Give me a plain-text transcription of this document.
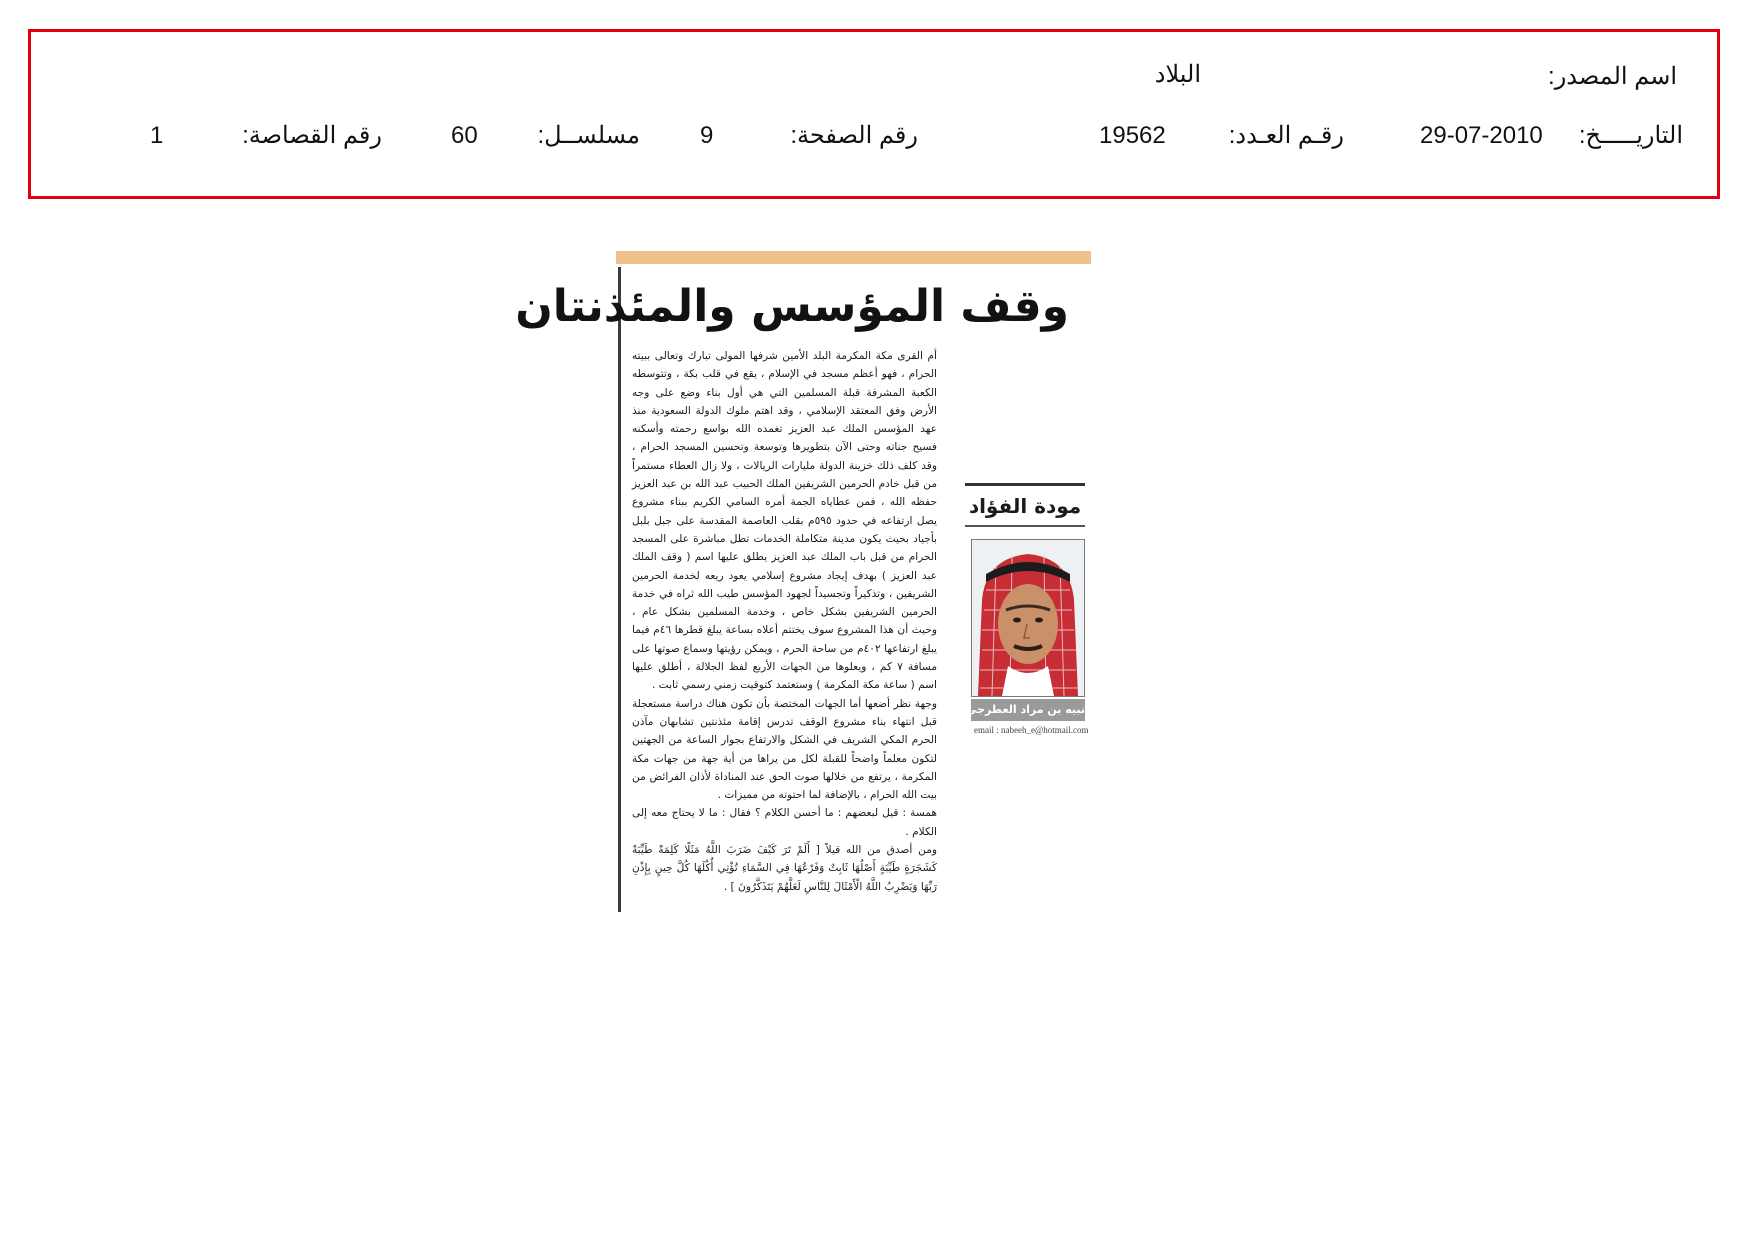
اسم المصدر:
البلاد
التاريـــــخ:
29-07-2010
رقـم العـدد:
19562
رقم الصفحة:
9
مسلســل:
60
رقم القصاصة:
1
وقف المؤسس والمئذنتان

أم القرى مكة المكرمة البلد الأمين شرفها المولى تبارك وتعالى ببيته الحرام ، فهو أعظم مسجد في الإسلام ، يقع في قلب بكة ، وتتوسطه الكعبة المشرفة قبلة المسلمين التي هي أول بناء وضع على وجه الأرض وفق المعتقد الإسلامي ، وقد اهتم ملوك الدولة السعودية منذ عهد المؤسس الملك عبد العزيز تغمده الله بواسع رحمته وأسكنه فسيح جناته وحتى الآن بتطويرها وتوسعة وتحسين المسجد الحرام ، وقد كلف ذلك خزينة الدولة مليارات الريالات ، ولا زال العطاء مستمراً من قبل خادم الحرمين الشريفين الملك الحبيب عبد الله بن عبد العزيز حفظه الله ، فمن عطاياه الجمة أمره السامي الكريم ببناء مشروع يصل ارتفاعه في حدود ٥٩٥م بقلب العاصمة المقدسة على جبل بلبل بأجياد بحيث يكون مدينة متكاملة الخدمات تطل مباشرة على المسجد الحرام من قبل باب الملك عبد العزيز يطلق عليها اسم ( وقف الملك عبد العزيز ) بهدف إيجاد مشروع إسلامي يعود ريعه لخدمة الحرمين الشريفين ، وتذكيراً وتجسيداً لجهود المؤسس طيب الله ثراه في خدمة الحرمين الشريفين بشكل خاص ، وخدمة المسلمين بشكل عام ، وحيث أن هذا المشروع سوف يختتم أعلاه بساعة يبلغ قطرها ٤٦م فيما يبلغ ارتفاعها ٤٠٢م من ساحة الحرم ، ويمكن رؤيتها وسماع صوتها على مسافة ٧ كم ، ويعلوها من الجهات الأربع لفظ الجلالة ، أطلق عليها اسم ( ساعة مكة المكرمة ) وستعتمد كتوقيت زمني رسمي ثابت .

وجهة نظر أضعها أما الجهات المختصة بأن تكون هناك دراسة مستعجلة قبل انتهاء بناء مشروع الوقف تدرس إقامة مئذنتين تشابهان مآذن الحرم المكي الشريف في الشكل والارتفاع بجوار الساعة من الجهتين لتكون معلماً واضحاً للقبلة لكل من يراها من أية جهة من جهات مكة المكرمة ، يرتفع من خلالها صوت الحق عند المناداة لأذان الفرائض من بيت الله الحرام ، بالإضافة لما احتوته من مميزات .

همسة : قيل لبعضهم : ما أحسن الكلام ؟ فقال : ما لا يحتاج معه إلى الكلام .

ومن أصدق من الله قيلاً [ أَلَمْ تَرَ كَيْفَ ضَرَبَ اللَّهُ مَثَلًا كَلِمَةً طَيِّبَةً كَشَجَرَةٍ طَيِّبَةٍ أَصْلُهَا ثَابِتٌ وَفَرْعُهَا فِي السَّمَاءِ تُؤْتِي أُكُلَهَا كُلَّ حِينٍ بِإِذْنِ رَبِّهَا وَيَضْرِبُ اللَّهُ الْأَمْثَالَ لِلنَّاسِ لَعَلَّهُمْ يَتَذَكَّرُونَ ] .

مودة الفؤاد
نبيه بن مراد العطرجي
email : nabeeh_e@hotmail.com
